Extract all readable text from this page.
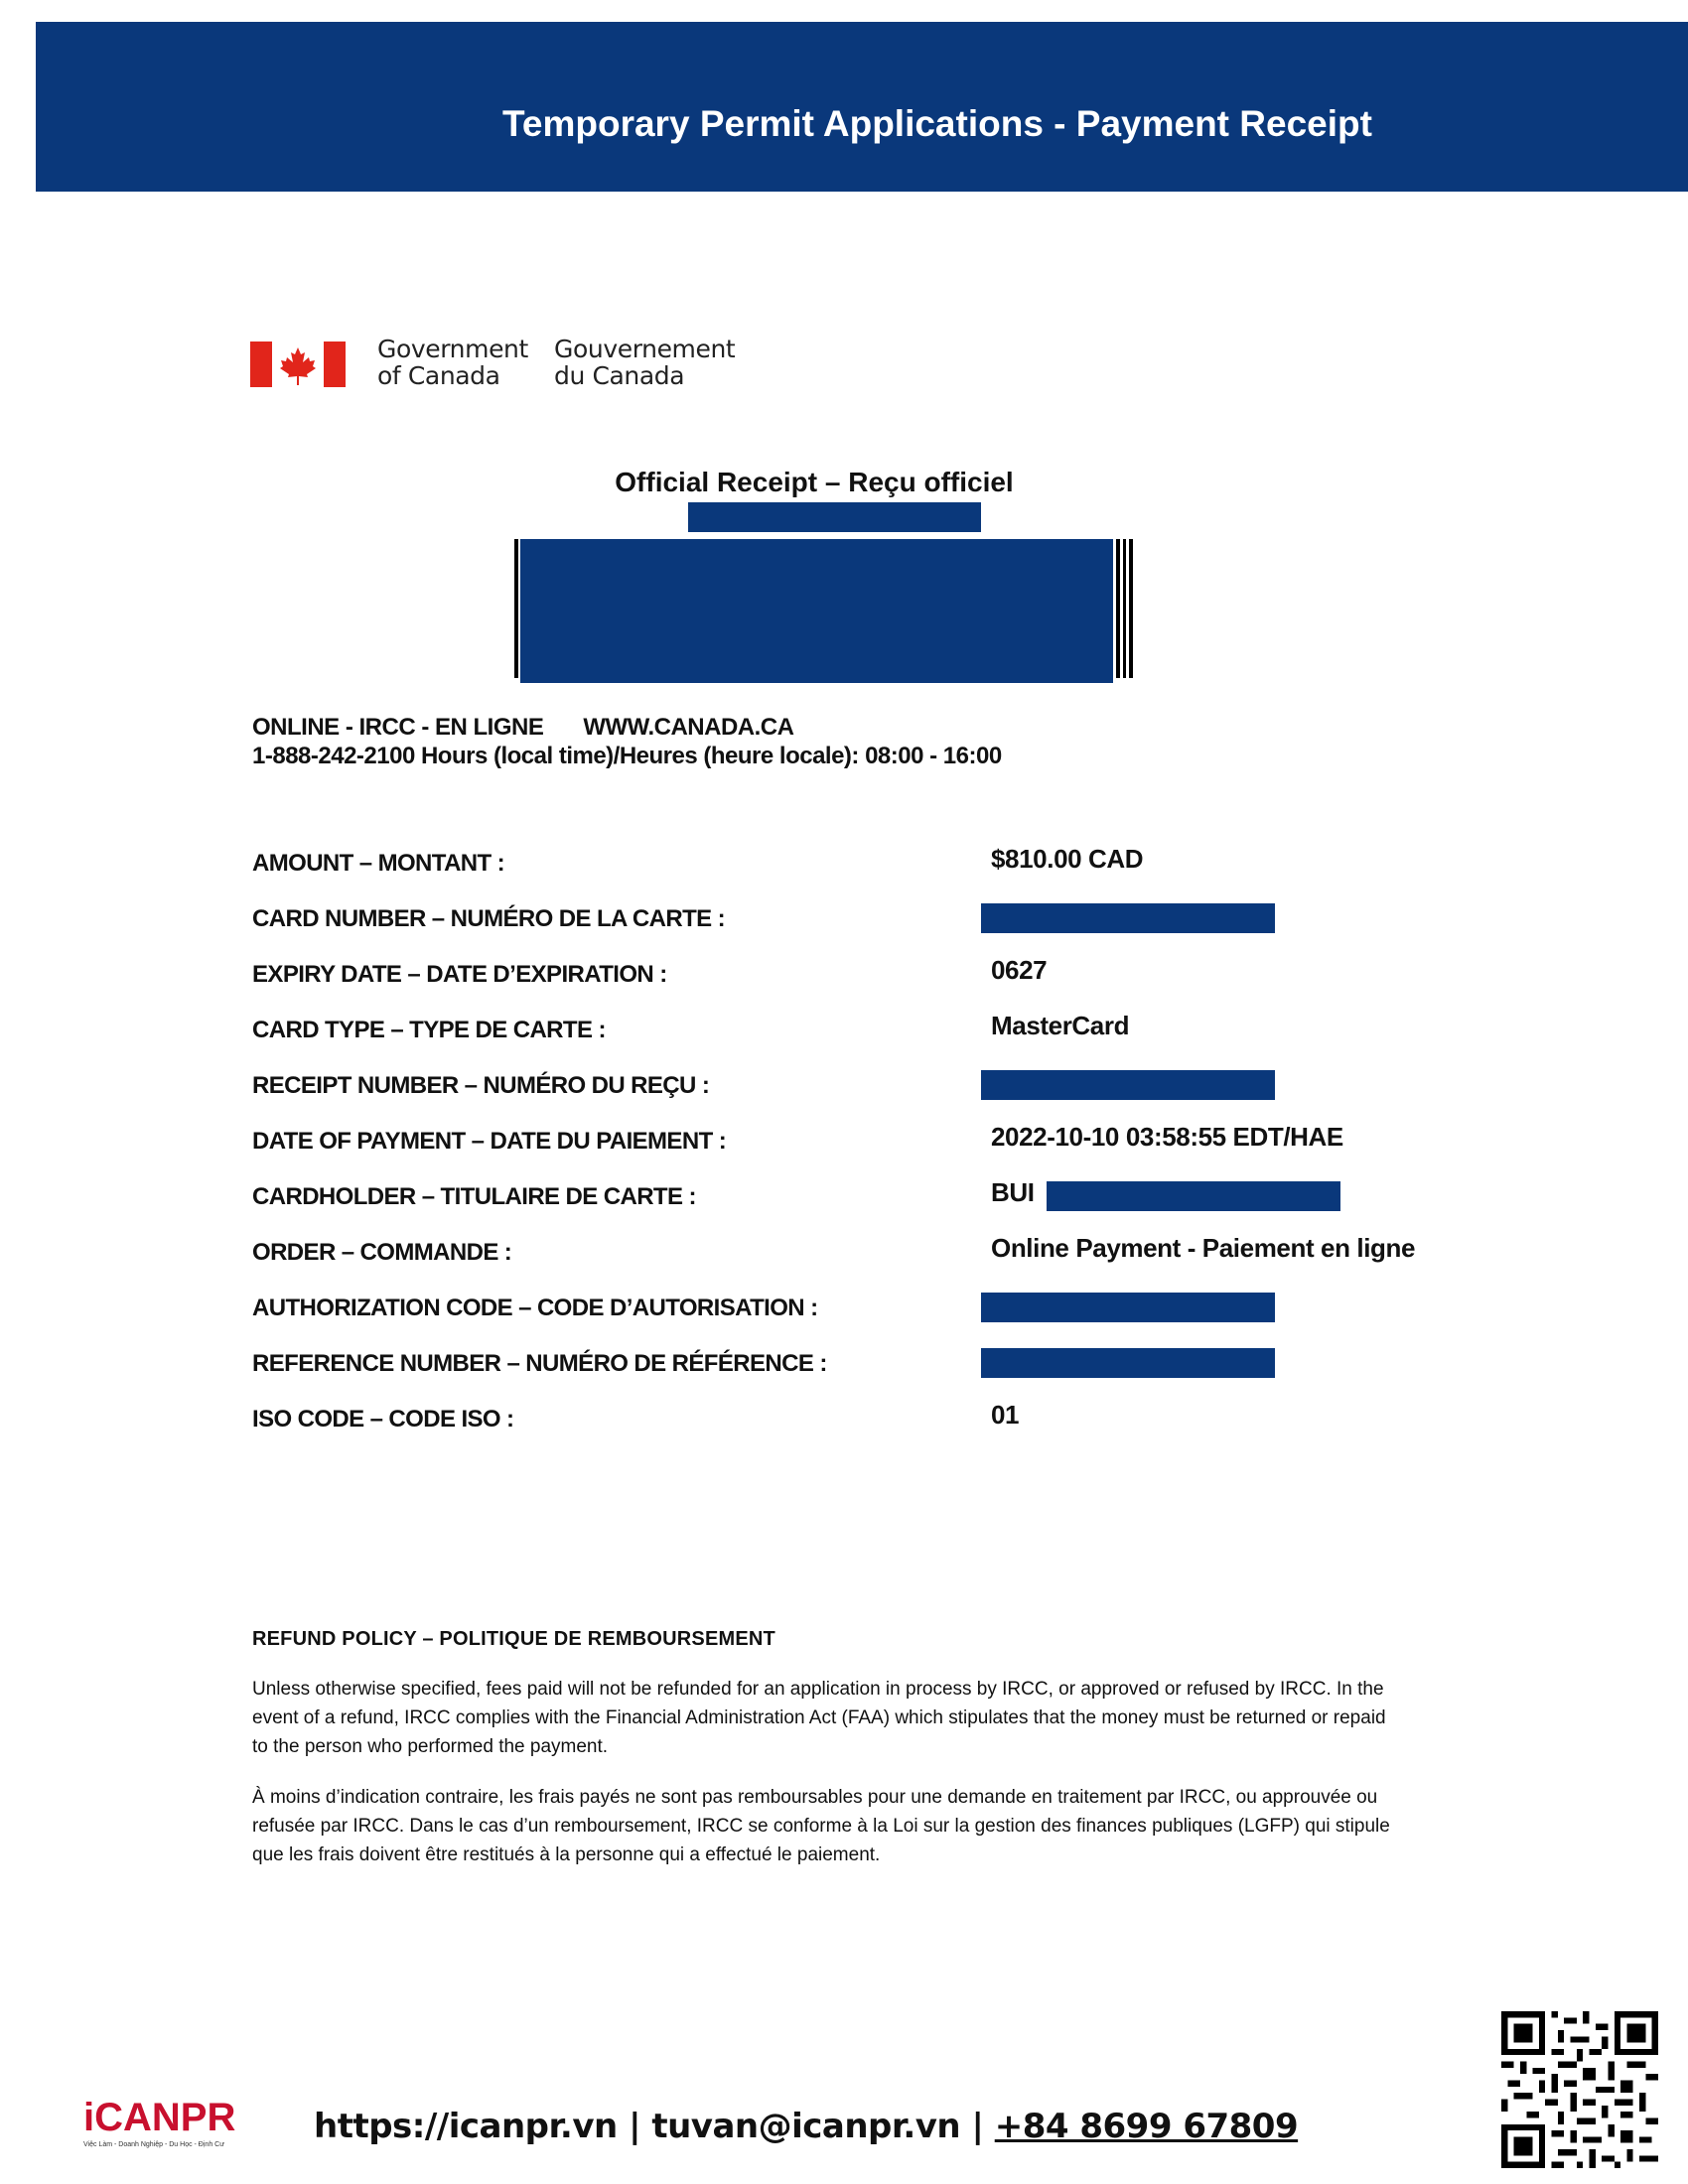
Temporary Permit Applications - Payment Receipt
Government
of Canada
Gouvernement
du Canada
Official Receipt – Reçu officiel
ONLINE - IRCC - EN LIGNE WWW.CANADA.CA
1-888-242-2100 Hours (local time)/Heures (heure locale): 08:00 - 16:00
AMOUNT – MONTANT :	$810.00 CAD
CARD NUMBER – NUMÉRO DE LA CARTE :
EXPIRY DATE – DATE D’EXPIRATION :	0627
CARD TYPE – TYPE DE CARTE :	MasterCard
RECEIPT NUMBER – NUMÉRO DU REÇU :
DATE OF PAYMENT – DATE DU PAIEMENT :	2022-10-10 03:58:55 EDT/HAE
CARDHOLDER – TITULAIRE DE CARTE :	BUI
ORDER – COMMANDE :	Online Payment - Paiement en ligne
AUTHORIZATION CODE – CODE D’AUTORISATION :
REFERENCE NUMBER – NUMÉRO DE RÉFÉRENCE :
ISO CODE – CODE ISO :	01
REFUND POLICY – POLITIQUE DE REMBOURSEMENT

Unless otherwise specified, fees paid will not be refunded for an application in process by IRCC, or approved or refused by IRCC. In the event of a refund, IRCC complies with the Financial Administration Act (FAA) which stipulates that the money must be returned or repaid to the person who performed the payment.

À moins d’indication contraire, les frais payés ne sont pas remboursables pour une demande en traitement par IRCC, ou approuvée ou refusée par IRCC. Dans le cas d’un remboursement, IRCC se conforme à la Loi sur la gestion des finances publiques (LGFP) qui stipule que les frais doivent être restitués à la personne qui a effectué le paiement.

iCANPR
Việc Làm - Doanh Nghiệp - Du Học - Định Cư	https://icanpr.vn | tuvan@icanpr.vn | +84 8699 67809
